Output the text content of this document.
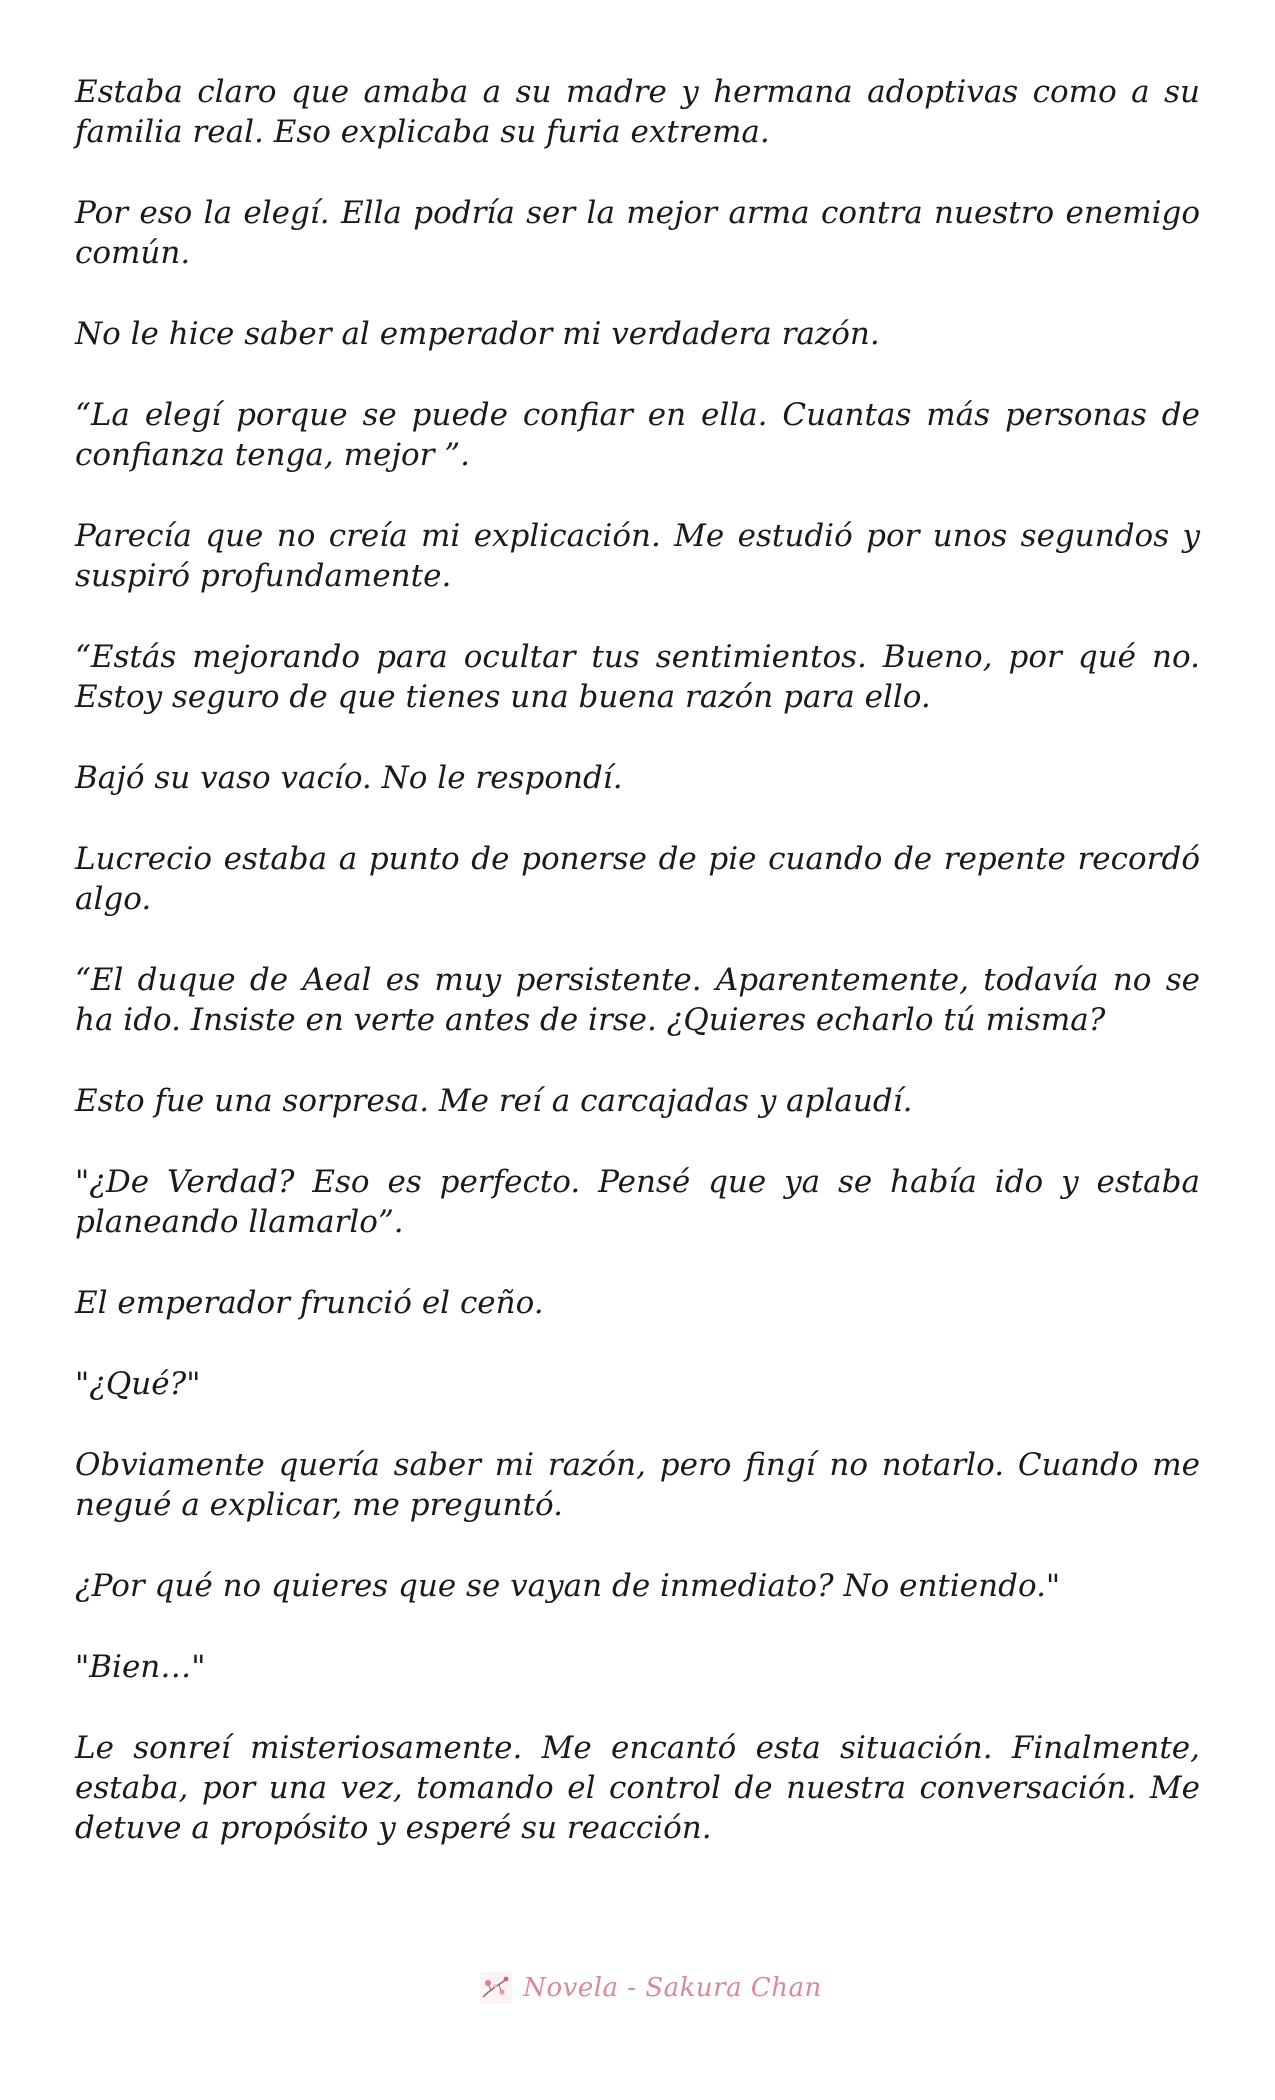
Estaba claro que amaba a su madre y hermana adoptivas como a su familia real. Eso explicaba su furia extrema.

Por eso la elegí. Ella podría ser la mejor arma contra nuestro enemigo común.

No le hice saber al emperador mi verdadera razón.

“La elegí porque se puede confiar en ella. Cuantas más personas de confianza tenga, mejor ”.

Parecía que no creía mi explicación. Me estudió por unos segundos y suspiró profundamente.

“Estás mejorando para ocultar tus sentimientos. Bueno, por qué no. Estoy seguro de que tienes una buena razón para ello.

Bajó su vaso vacío. No le respondí.

Lucrecio estaba a punto de ponerse de pie cuando de repente recordó algo.

“El duque de Aeal es muy persistente. Aparentemente, todavía no se ha ido. Insiste en verte antes de irse. ¿Quieres echarlo tú misma?

Esto fue una sorpresa. Me reí a carcajadas y aplaudí.

"¿De Verdad? Eso es perfecto. Pensé que ya se había ido y estaba planeando llamarlo”.

El emperador frunció el ceño.

"¿Qué?"

Obviamente quería saber mi razón, pero fingí no notarlo. Cuando me negué a explicar, me preguntó.

¿Por qué no quieres que se vayan de inmediato? No entiendo."

"Bien…"

Le sonreí misteriosamente. Me encantó esta situación. Finalmente, estaba, por una vez, tomando el control de nuestra conversación. Me detuve a propósito y esperé su reacción.

Novela - Sakura Chan
